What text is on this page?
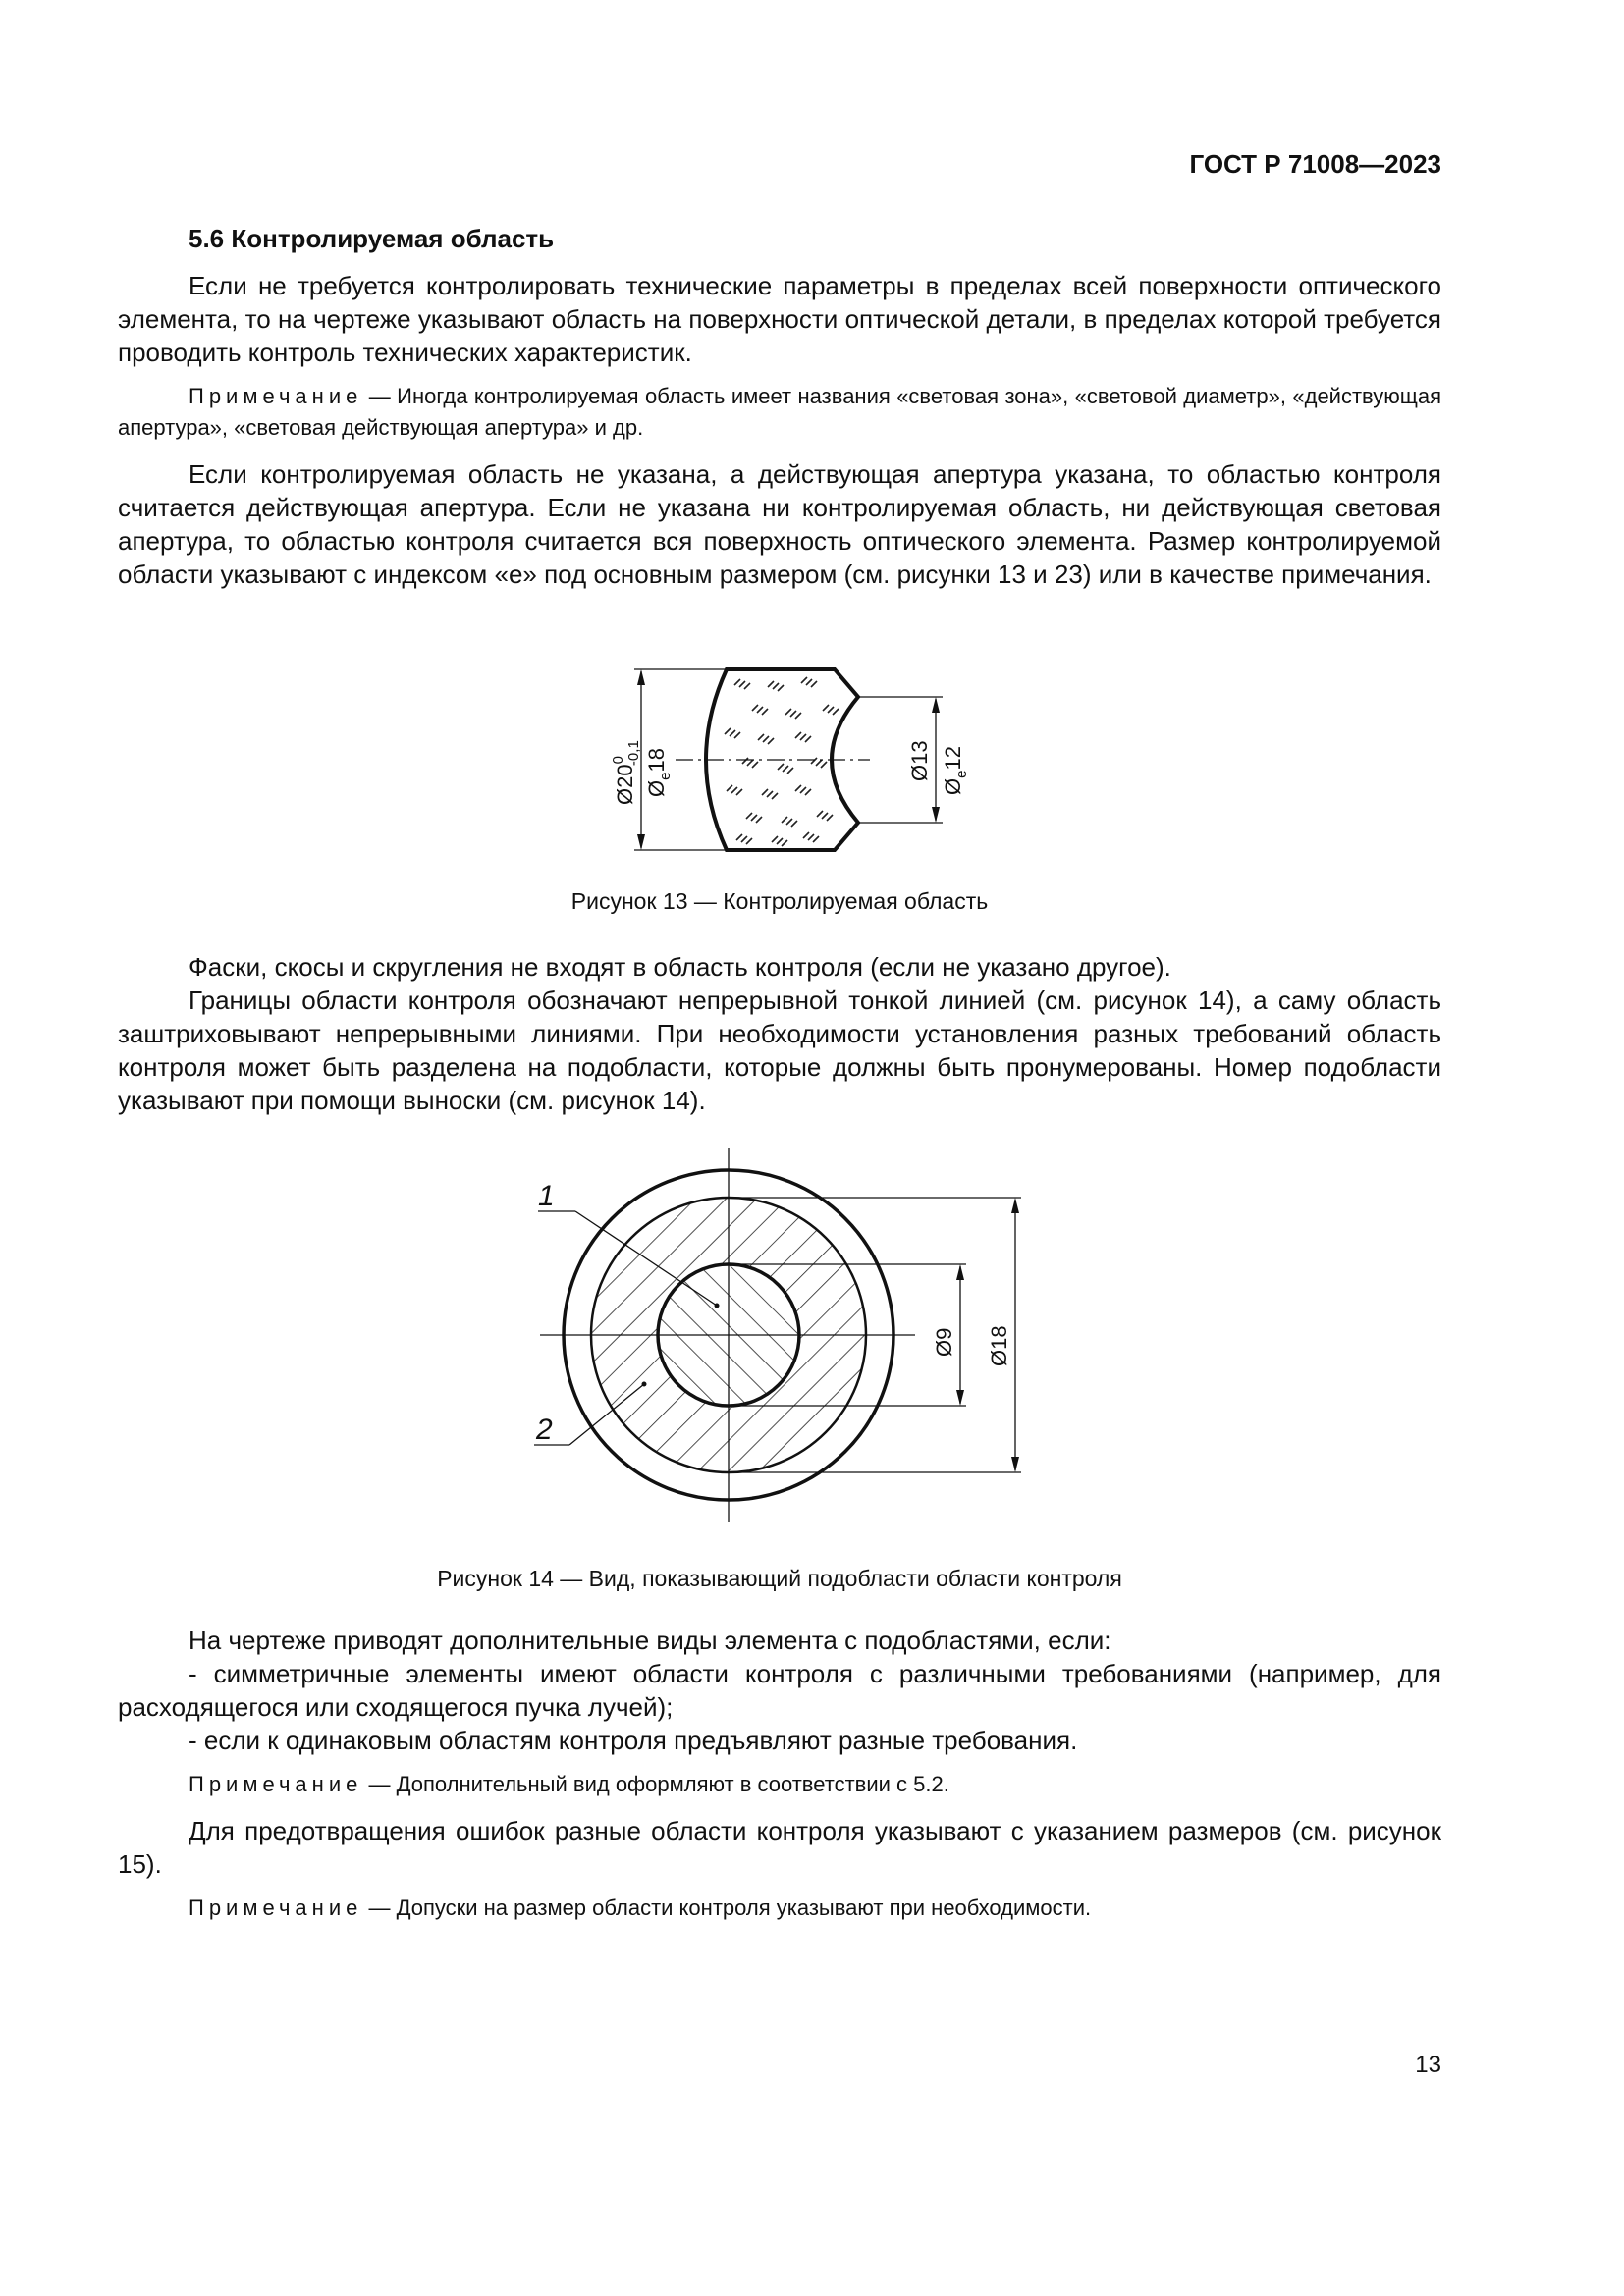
ГОСТ Р 71008—2023
5.6 Контролируемая область

Если не требуется контролировать технические параметры в пределах всей поверхности оптического элемента, то на чертеже указывают область на поверхности оптической детали, в пределах которой требуется проводить контроль технических характеристик.

Примечание — Иногда контролируемая область имеет названия «световая зона», «световой диаметр», «действующая апертура», «световая действующая апертура» и др.

Если контролируемая область не указана, а действующая апертура указана, то областью контроля считается действующая апертура. Если не указана ни контролируемая область, ни действующая световая апертура, то областью контроля считается вся поверхность оптического элемента. Размер контролируемой области указывают с индексом «е» под основным размером (см. рисунки 13 и 23) или в качестве примечания.

$Ø20^0-0,1$
$Ø_e18$	Ø13
$Ø_e12$
Рисунок 13 — Контролируемая область

Фаски, скосы и скругления не входят в область контроля (если не указано другое).

Границы области контроля обозначают непрерывной тонкой линией (см. рисунок 14), а саму область заштриховывают непрерывными линиями. При необходимости установления разных требований область контроля может быть разделена на подобласти, которые должны быть пронумерованы. Номер подобласти указывают при помощи выноски (см. рисунок 14).

1
2
Ø9 Ø18
Рисунок 14 — Вид, показывающий подобласти области контроля

На чертеже приводят дополнительные виды элемента с подобластями, если:

- симметричные элементы имеют области контроля с различными требованиями (например, для расходящегося или сходящегося пучка лучей);

- если к одинаковым областям контроля предъявляют разные требования.

Примечание — Дополнительный вид оформляют в соответствии с 5.2.

Для предотвращения ошибок разные области контроля указывают с указанием размеров (см. рисунок 15).

Примечание — Допуски на размер области контроля указывают при необходимости.
13
